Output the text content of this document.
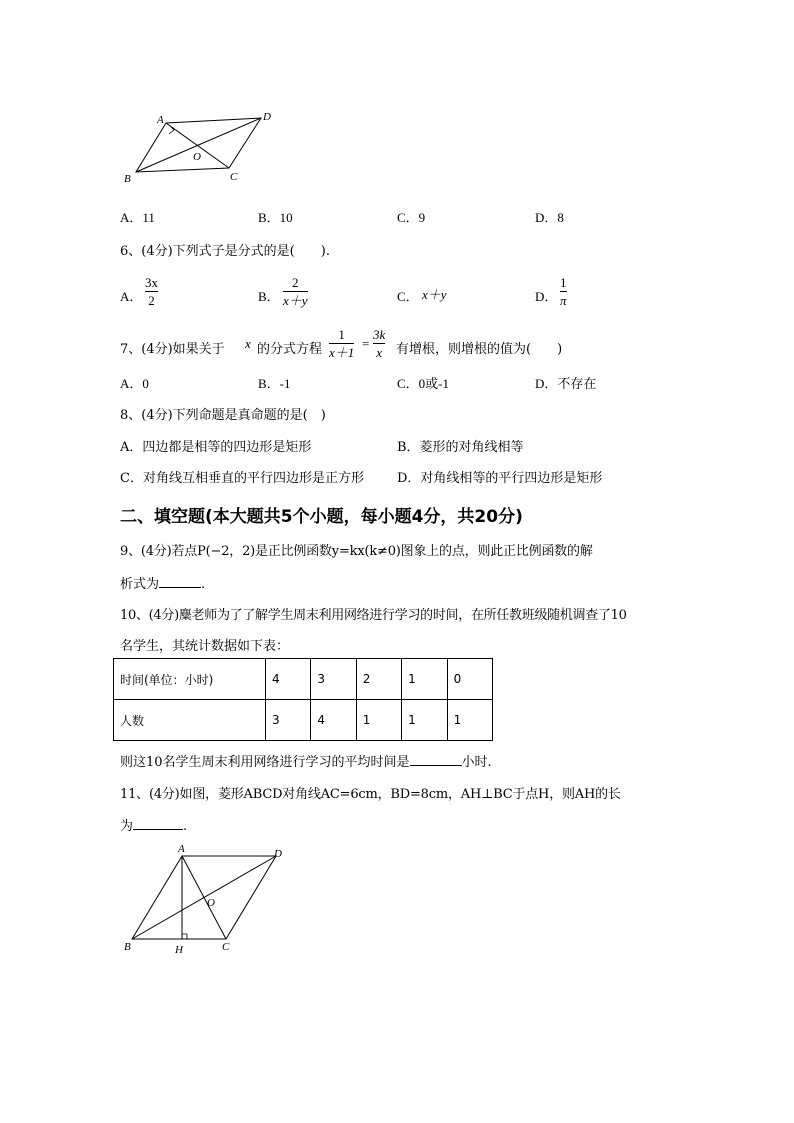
A	D
O
B	C
A．11	B．10	C．9	D．8
6、(4分)下列式子是分式的是(　　).
A．
3x
2	B．
2
x＋y	C． x＋y	D．
1
π
7、(4分)如果关于 x 的分式方程
1
x＋1
=
3k
x 有增根，则增根的值为(　　)
A．0	B．-1	C．0或-1	D．不存在
8、(4分)下列命题是真命题的是(　)
A．四边都是相等的四边形是矩形	B．菱形的对角线相等
C．对角线互相垂直的平行四边形是正方形	D．对角线相等的平行四边形是矩形
二、填空题(本大题共5个小题，每小题4分，共20分)
9、(4分)若点P(−2，2)是正比例函数y=kx(k≠0)图象上的点，则此正比例函数的解
析式为	.
10、(4分)麋老师为了了解学生周末利用网络进行学习的时间，在所任教班级随机调查了10
名学生，其统计数据如下表：
时间(单位：小时)	4	3	2	1	0
人数	3	4	1	1	1
则这10名学生周末利用网络进行学习的平均时间是	小时.
11、(4分)如图，菱形ABCD对角线AC=6cm，BD=8cm，AH⊥BC于点H，则AH的长
为	.
A	D
O
B	H	C
